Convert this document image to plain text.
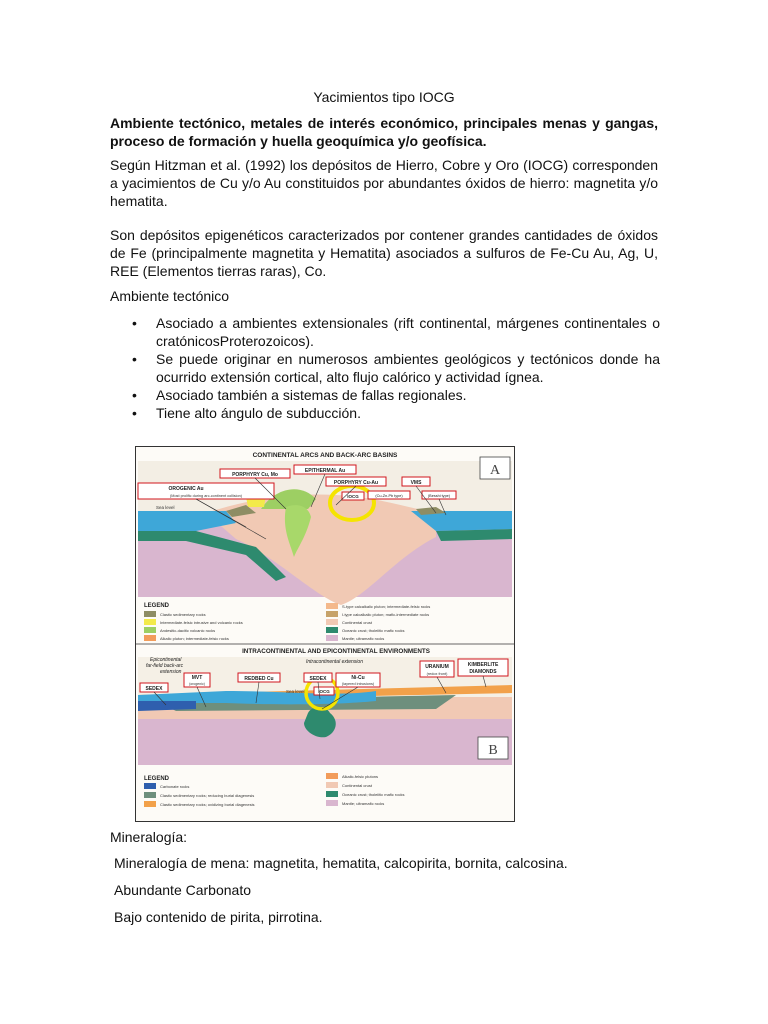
Yacimientos tipo IOCG
Ambiente tectónico, metales de interés económico, principales menas y gangas, proceso de formación y huella geoquímica y/o geofísica.
Según Hitzman et al. (1992) los depósitos de Hierro, Cobre y Oro (IOCG) corresponden a yacimientos de Cu y/o Au constituidos por abundantes óxidos de hierro: magnetita y/o hematita.
Son depósitos epigenéticos caracterizados por contener grandes cantidades de óxidos de Fe (principalmente magnetita y Hematita) asociados a sulfuros de Fe-Cu Au, Ag, U, REE (Elementos tierras raras), Co.
Ambiente tectónico
• Asociado a ambientes extensionales (rift continental, márgenes continentales o cratónicosProterozoicos).
• Se puede originar en numerosos ambientes geológicos y tectónicos donde ha ocurrido extensión cortical, alto flujo calórico y actividad ígnea.
• Asociado también a sistemas de fallas regionales.
• Tiene alto ángulo de subducción.
CONTINENTAL ARCS AND BACK-ARC BASINS
Sea level
PORPHYRY Cu, Mo
EPITHERMAL Au
OROGENIC Au
(Most prolific during arc-continent collision)
PORPHYRY Cu-Au
IOCG	(Cu-Zn-Pb type)
VMS
(Besshi type)
A
LEGEND
Clastic sedimentary rocks
Intermediate-felsic intrusive and volcanic rocks
Andesitic-dacitic volcanic rocks
Alkalic pluton; intermediate-felsic rocks
S-type calcalkalic pluton; intermediate-felsic rocks
I-type calcalkalic pluton; mafic-intermediate rocks
Continental crust
Oceanic crust; tholeiitic mafic rocks
Mantle; ultramafic rocks
INTRACONTINENTAL AND EPICONTINENTAL ENVIRONMENTS
Epicontinental
far-field back-arc
extension
Intracontinental extension
SEDEX
MVT
(orogenic)
REDBED Cu	SEDEX	Ni-Cu
(layered intrusions)
IOCG
URANIUM
(redox front)
KIMBERLITE
DIAMONDS
Sea level
B
LEGEND
Carbonate rocks
Clastic sedimentary rocks; reducing burial diagenesis
Clastic sedimentary rocks; oxidizing burial diagenesis
Alkalic-felsic plutons
Continental crust
Oceanic crust; tholeiitic mafic rocks
Mantle; ultramafic rocks
Mineralogía:
Mineralogía de mena: magnetita, hematita, calcopirita, bornita, calcosina.
Abundante Carbonato
Bajo contenido de pirita, pirrotina.
